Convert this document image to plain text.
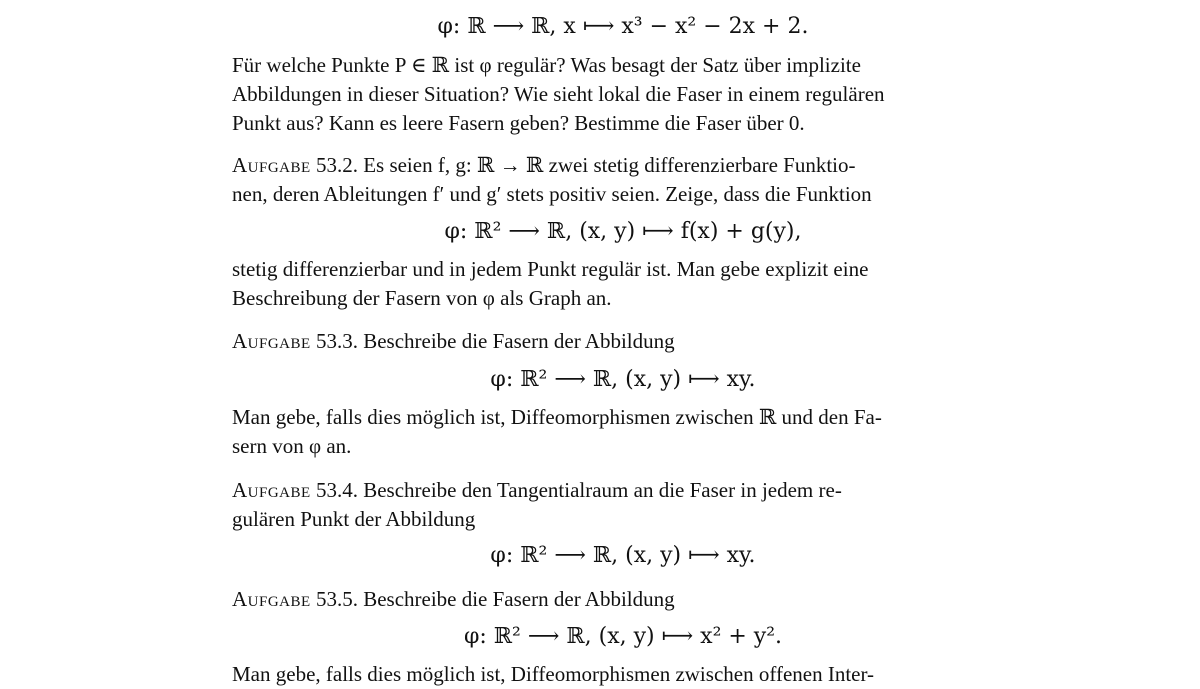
φ: ℝ ⟶ ℝ, x ⟼ x³ − x² − 2x + 2.

Für welche Punkte P ∈ ℝ ist φ regulär? Was besagt der Satz über implizite
Abbildungen in dieser Situation? Wie sieht lokal die Faser in einem regulären
Punkt aus? Kann es leere Fasern geben? Bestimme die Faser über 0.

Aufgabe 53.2. Es seien f, g: ℝ → ℝ zwei stetig differenzierbare Funktio-
nen, deren Ableitungen f′ und g′ stets positiv seien. Zeige, dass die Funktion

φ: ℝ² ⟶ ℝ, (x, y) ⟼ f(x) + g(y),

stetig differenzierbar und in jedem Punkt regulär ist. Man gebe explizit eine
Beschreibung der Fasern von φ als Graph an.

Aufgabe 53.3. Beschreibe die Fasern der Abbildung

φ: ℝ² ⟶ ℝ, (x, y) ⟼ xy.

Man gebe, falls dies möglich ist, Diffeomorphismen zwischen ℝ und den Fa-
sern von φ an.

Aufgabe 53.4. Beschreibe den Tangentialraum an die Faser in jedem re-
gulären Punkt der Abbildung

φ: ℝ² ⟶ ℝ, (x, y) ⟼ xy.

Aufgabe 53.5. Beschreibe die Fasern der Abbildung

φ: ℝ² ⟶ ℝ, (x, y) ⟼ x² + y².

Man gebe, falls dies möglich ist, Diffeomorphismen zwischen offenen Inter-
